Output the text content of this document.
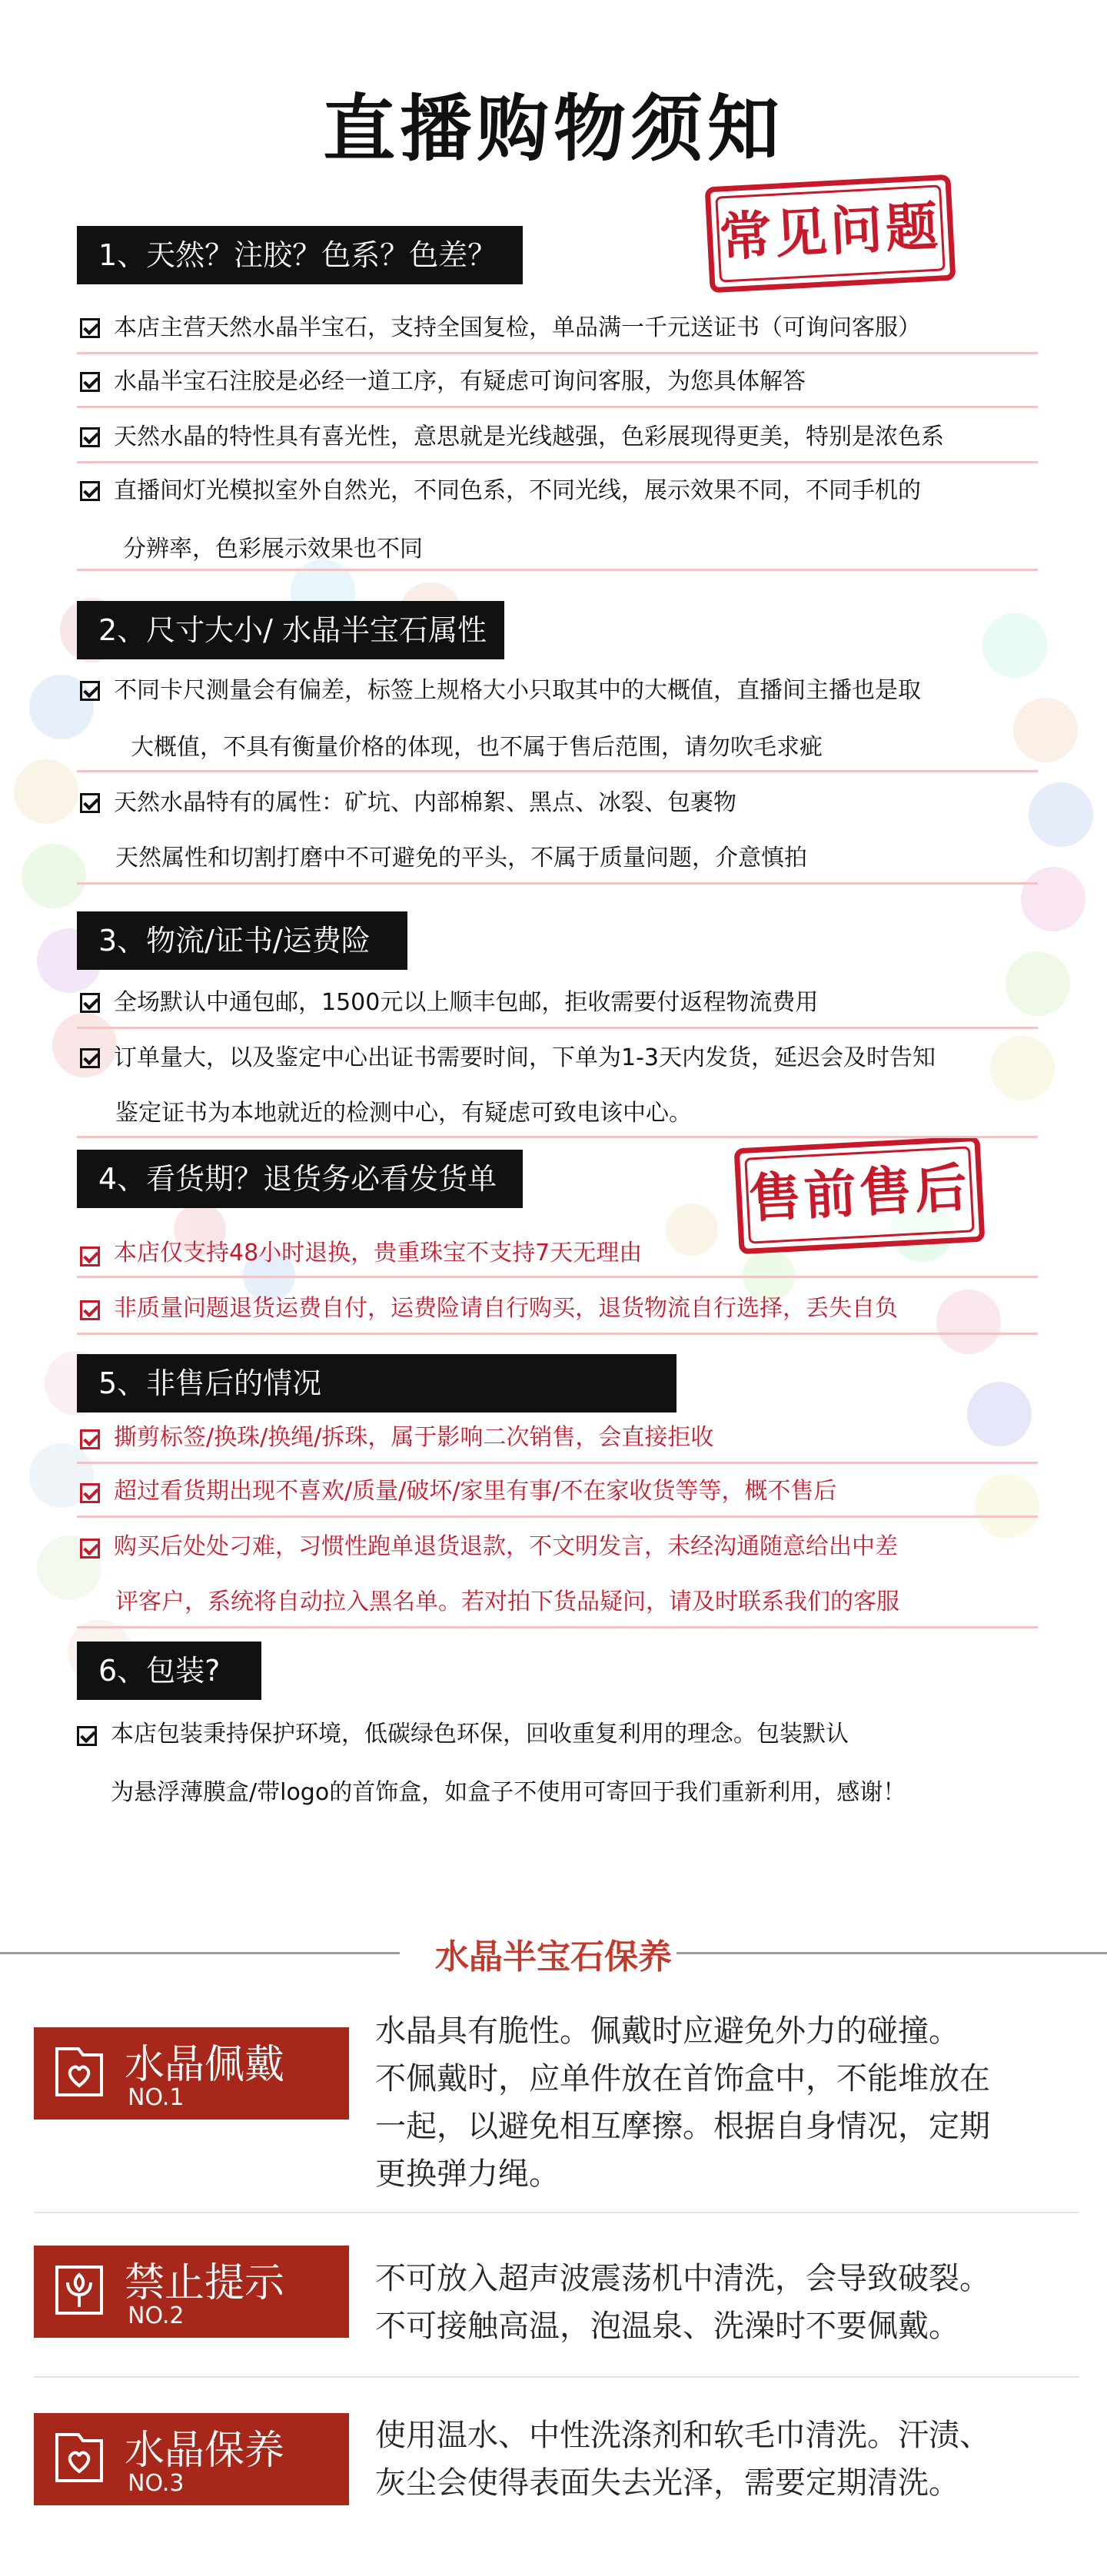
直播购物须知
常见问题
售前售后
1、天然？注胶？色系？色差？
本店主营天然水晶半宝石，支持全国复检，单品满一千元送证书（可询问客服）
水晶半宝石注胶是必经一道工序，有疑虑可询问客服，为您具体解答
天然水晶的特性具有喜光性，意思就是光线越强，色彩展现得更美，特别是浓色系
直播间灯光模拟室外自然光，不同色系，不同光线，展示效果不同，不同手机的
分辨率，色彩展示效果也不同
2、尺寸大小/ 水晶半宝石属性
不同卡尺测量会有偏差，标签上规格大小只取其中的大概值，直播间主播也是取
大概值，不具有衡量价格的体现，也不属于售后范围，请勿吹毛求疵
天然水晶特有的属性：矿坑、内部棉絮、黑点、冰裂、包裹物
天然属性和切割打磨中不可避免的平头，不属于质量问题，介意慎拍
3、物流/证书/运费险
全场默认中通包邮，1500元以上顺丰包邮，拒收需要付返程物流费用
订单量大，以及鉴定中心出证书需要时间，下单为1-3天内发货，延迟会及时告知
鉴定证书为本地就近的检测中心，有疑虑可致电该中心。
4、看货期？退货务必看发货单
本店仅支持48小时退换，贵重珠宝不支持7天无理由
非质量问题退货运费自付，运费险请自行购买，退货物流自行选择，丢失自负
5、非售后的情况
撕剪标签/换珠/换绳/拆珠，属于影响二次销售，会直接拒收
超过看货期出现不喜欢/质量/破坏/家里有事/不在家收货等等，概不售后
购买后处处刁难，习惯性跑单退货退款，不文明发言，未经沟通随意给出中差
评客户，系统将自动拉入黑名单。若对拍下货品疑问，请及时联系我们的客服
6、包装?
本店包装秉持保护环境，低碳绿色环保，回收重复利用的理念。包装默认
为悬浮薄膜盒/带logo的首饰盒，如盒子不使用可寄回于我们重新利用，感谢！
水晶半宝石保养
水晶佩戴
NO.1
水晶具有脆性。佩戴时应避免外力的碰撞。
不佩戴时，应单件放在首饰盒中，不能堆放在
一起，以避免相互摩擦。根据自身情况，定期
更换弹力绳。
禁止提示
NO.2
不可放入超声波震荡机中清洗，会导致破裂。
不可接触高温，泡温泉、洗澡时不要佩戴。
水晶保养
NO.3
使用温水、中性洗涤剂和软毛巾清洗。汗渍、
灰尘会使得表面失去光泽，需要定期清洗。
